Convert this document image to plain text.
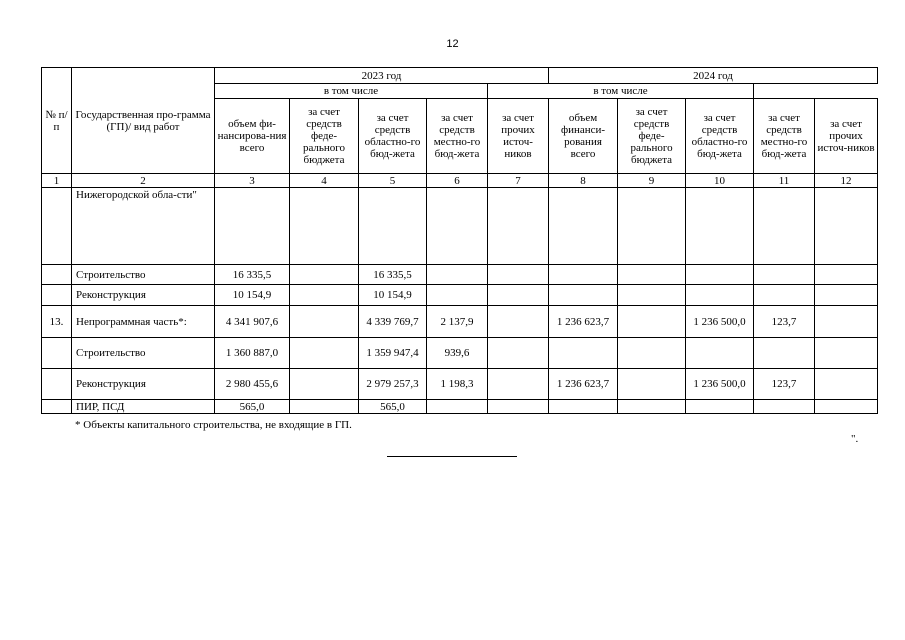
12
№ п/п	Государственная про-грамма (ГП)/ вид работ	2023 год					2024 год				
		в том числе				в том числе					
		объем фи-нансирова-ния всего	за счет средств феде-рального бюджета	за счет средств областно-го бюд-жета	за счет средств местно-го бюд-жета	за счет прочих источ-ников	объем финанси-рования всего	за счет средств феде-рального бюджета	за счет средств областно-го бюд-жета	за счет средств местно-го бюд-жета	за счет прочих источ-ников
1	2	3	4	5	6	7	8	9	10	11	12
	Нижегородской обла-сти"										
	Строительство	16 335,5		16 335,5							
	Реконструкция	10 154,9		10 154,9							
13.	Непрограммная часть*:	4 341 907,6		4 339 769,7	2 137,9		1 236 623,7		1 236 500,0	123,7	
	Строительство	1 360 887,0		1 359 947,4	939,6						
	Реконструкция	2 980 455,6		2 979 257,3	1 198,3		1 236 623,7		1 236 500,0	123,7	
	ПИР, ПСД	565,0		565,0							
* Объекты капитального строительства, не входящие в ГП.
".
